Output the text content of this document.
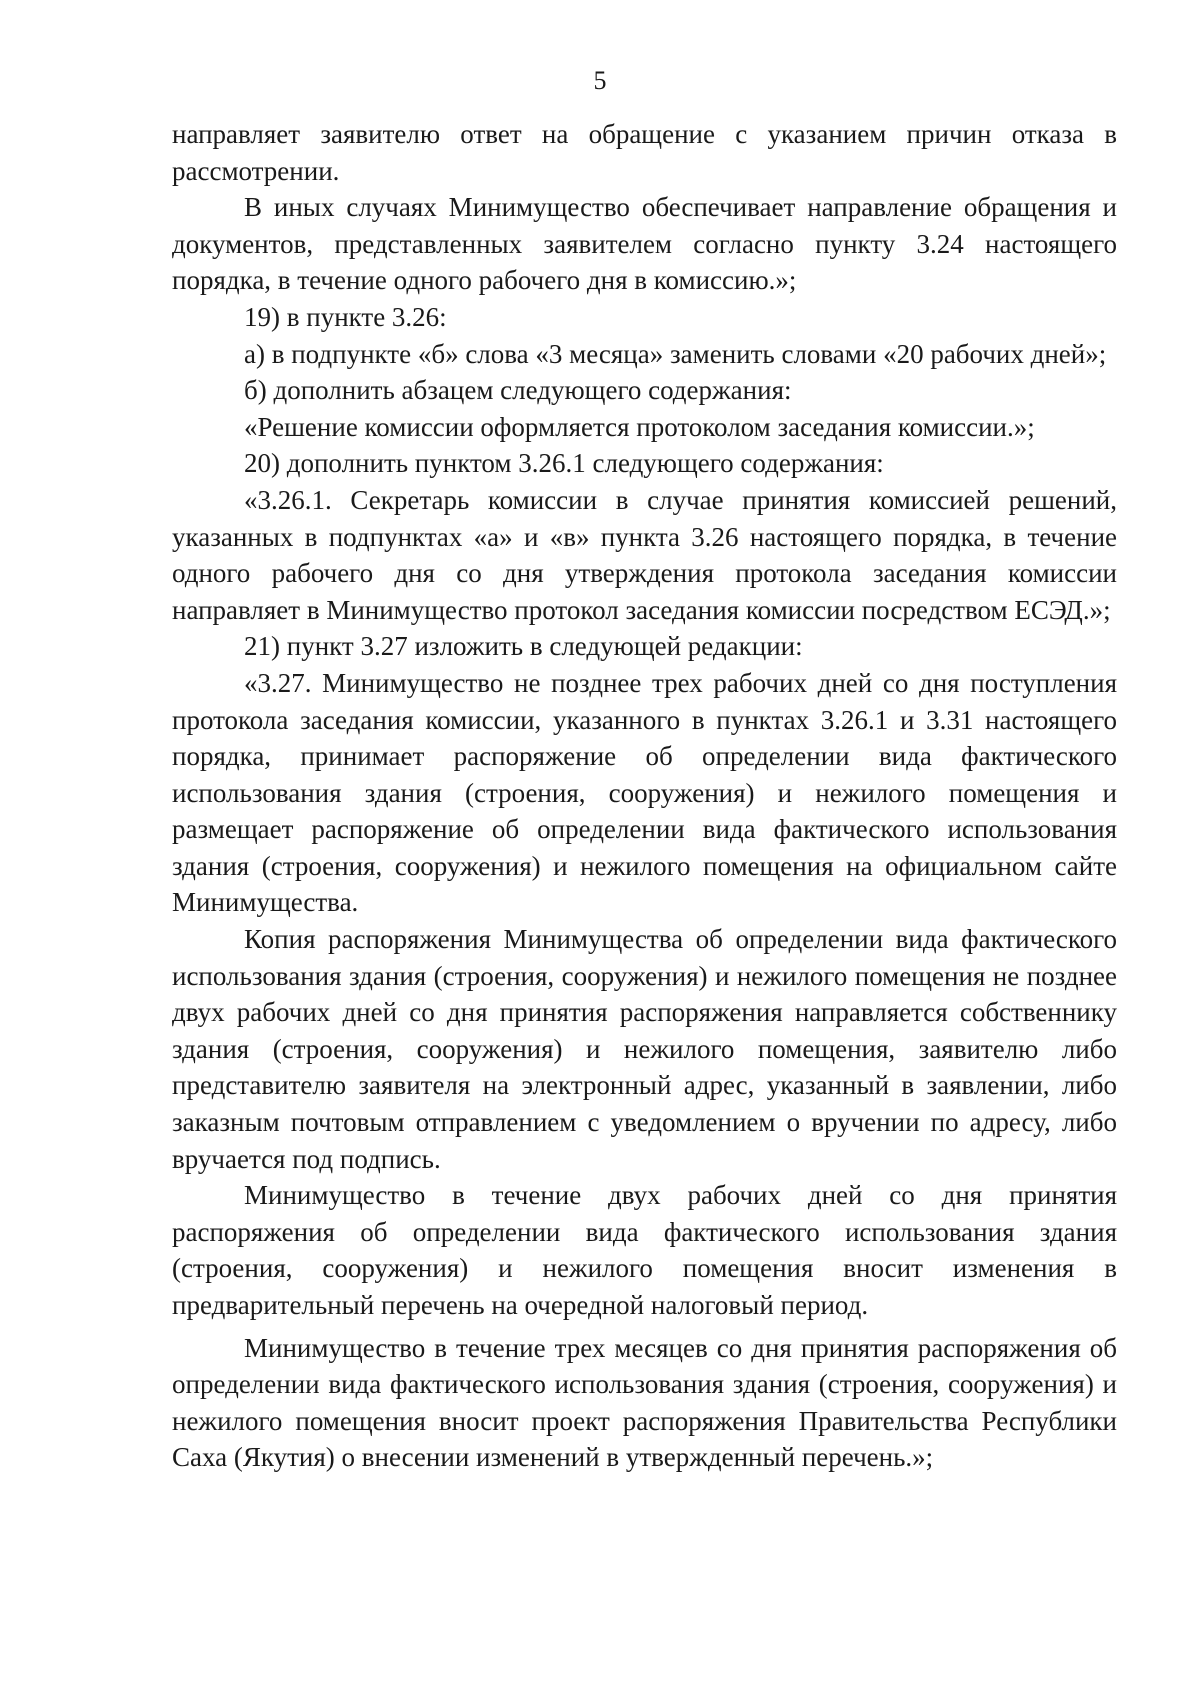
5

направляет заявителю ответ на обращение с указанием причин отказа в рассмотрении.

В иных случаях Минимущество обеспечивает направление обращения и документов, представленных заявителем согласно пункту 3.24 настоящего порядка, в течение одного рабочего дня в комиссию.»;

19) в пункте 3.26:

а) в подпункте «б» слова «3 месяца» заменить словами «20 рабочих дней»;

б) дополнить абзацем следующего содержания:

«Решение комиссии оформляется протоколом заседания комиссии.»;

20) дополнить пунктом 3.26.1 следующего содержания:

«3.26.1. Секретарь комиссии в случае принятия комиссией решений, указанных в подпунктах «а» и «в» пункта 3.26 настоящего порядка, в течение одного рабочего дня со дня утверждения протокола заседания комиссии направляет в Минимущество протокол заседания комиссии посредством ЕСЭД.»;

21) пункт 3.27 изложить в следующей редакции:

«3.27. Минимущество не позднее трех рабочих дней со дня поступления протокола заседания комиссии, указанного в пунктах 3.26.1 и 3.31 настоящего порядка, принимает распоряжение об определении вида фактического использования здания (строения, сооружения) и нежилого помещения и размещает распоряжение об определении вида фактического использования здания (строения, сооружения) и нежилого помещения на официальном сайте Минимущества.

Копия распоряжения Минимущества об определении вида фактического использования здания (строения, сооружения) и нежилого помещения не позднее двух рабочих дней со дня принятия распоряжения направляется собственнику здания (строения, сооружения) и нежилого помещения, заявителю либо представителю заявителя на электронный адрес, указанный в заявлении, либо заказным почтовым отправлением с уведомлением о вручении по адресу, либо вручается под подпись.

Минимущество в течение двух рабочих дней со дня принятия распоряжения об определении вида фактического использования здания (строения, сооружения) и нежилого помещения вносит изменения в предварительный перечень на очередной налоговый период.

Минимущество в течение трех месяцев со дня принятия распоряжения об определении вида фактического использования здания (строения, сооружения) и нежилого помещения вносит проект распоряжения Правительства Республики Саха (Якутия) о внесении изменений в утвержденный перечень.»;
